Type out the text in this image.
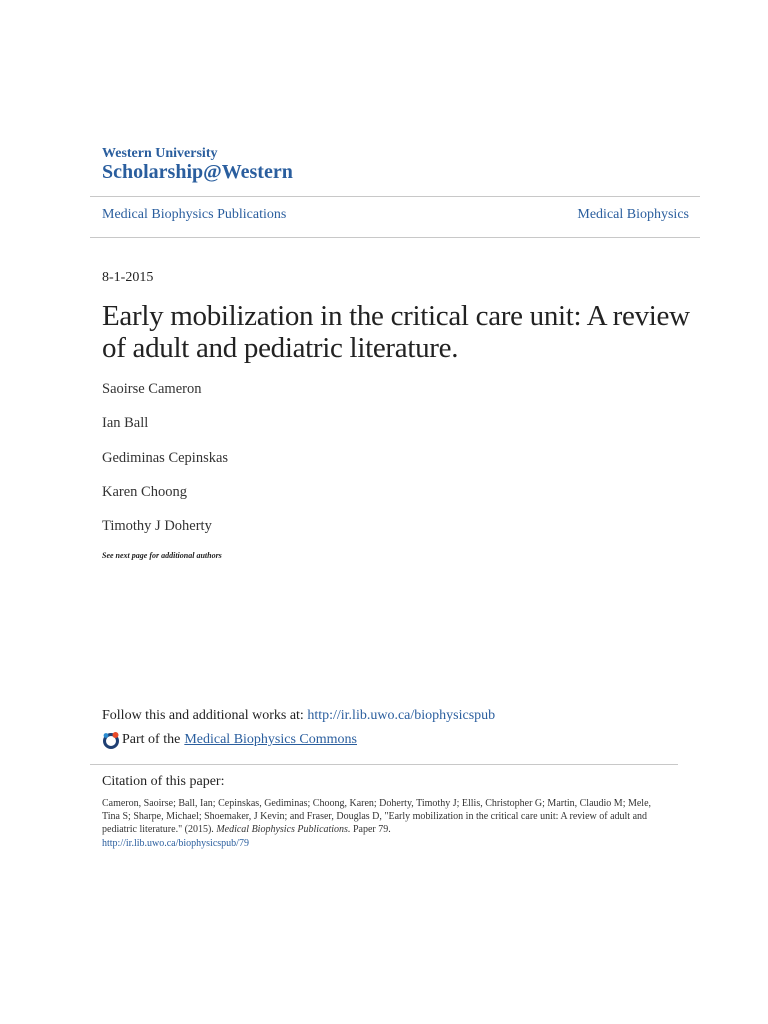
Western University
Scholarship@Western
Medical Biophysics Publications	Medical Biophysics
8-1-2015
Early mobilization in the critical care unit: A review of adult and pediatric literature.
Saoirse Cameron
Ian Ball
Gediminas Cepinskas
Karen Choong
Timothy J Doherty
See next page for additional authors
Follow this and additional works at: http://ir.lib.uwo.ca/biophysicspub
Part of the Medical Biophysics Commons
Citation of this paper:
Cameron, Saoirse; Ball, Ian; Cepinskas, Gediminas; Choong, Karen; Doherty, Timothy J; Ellis, Christopher G; Martin, Claudio M; Mele, Tina S; Sharpe, Michael; Shoemaker, J Kevin; and Fraser, Douglas D, "Early mobilization in the critical care unit: A review of adult and pediatric literature." (2015). Medical Biophysics Publications. Paper 79.
http://ir.lib.uwo.ca/biophysicspub/79
